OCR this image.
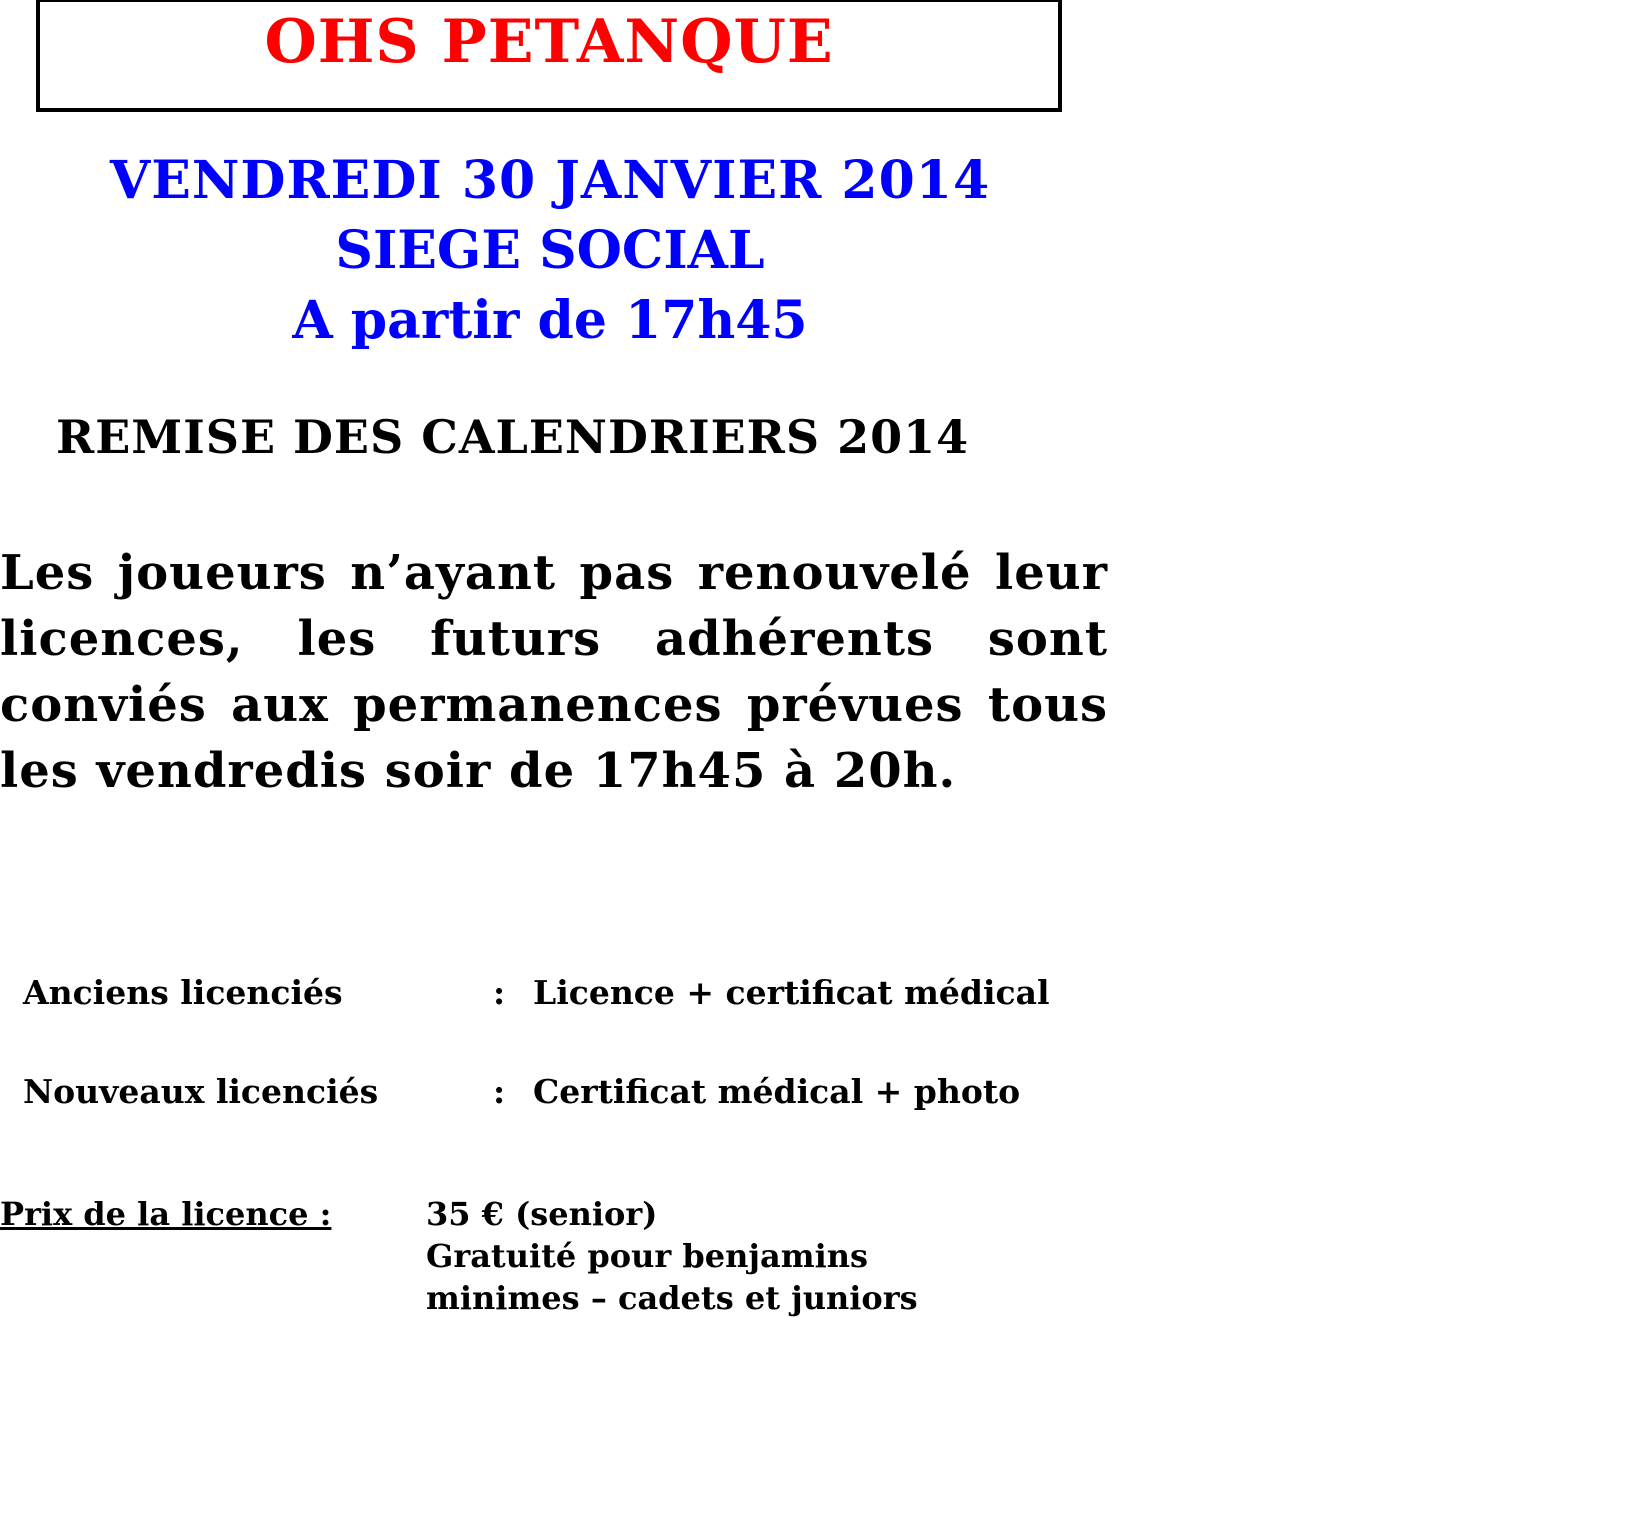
OHS PETANQUE
VENDREDI 30 JANVIER 2014
SIEGE SOCIAL
A partir de 17h45
REMISE DES CALENDRIERS 2014
Les joueurs n’ayant pas renouvelé leur licences, les futurs adhérents sont conviés aux permanences prévues tous les vendredis soir de 17h45 à 20h.

Anciens licenciés	: Licence + certificat médical

Nouveaux licenciés	: Certificat médical + photo

Prix de la licence :	35 € (senior)
Gratuité pour benjamins
minimes – cadets et juniors
